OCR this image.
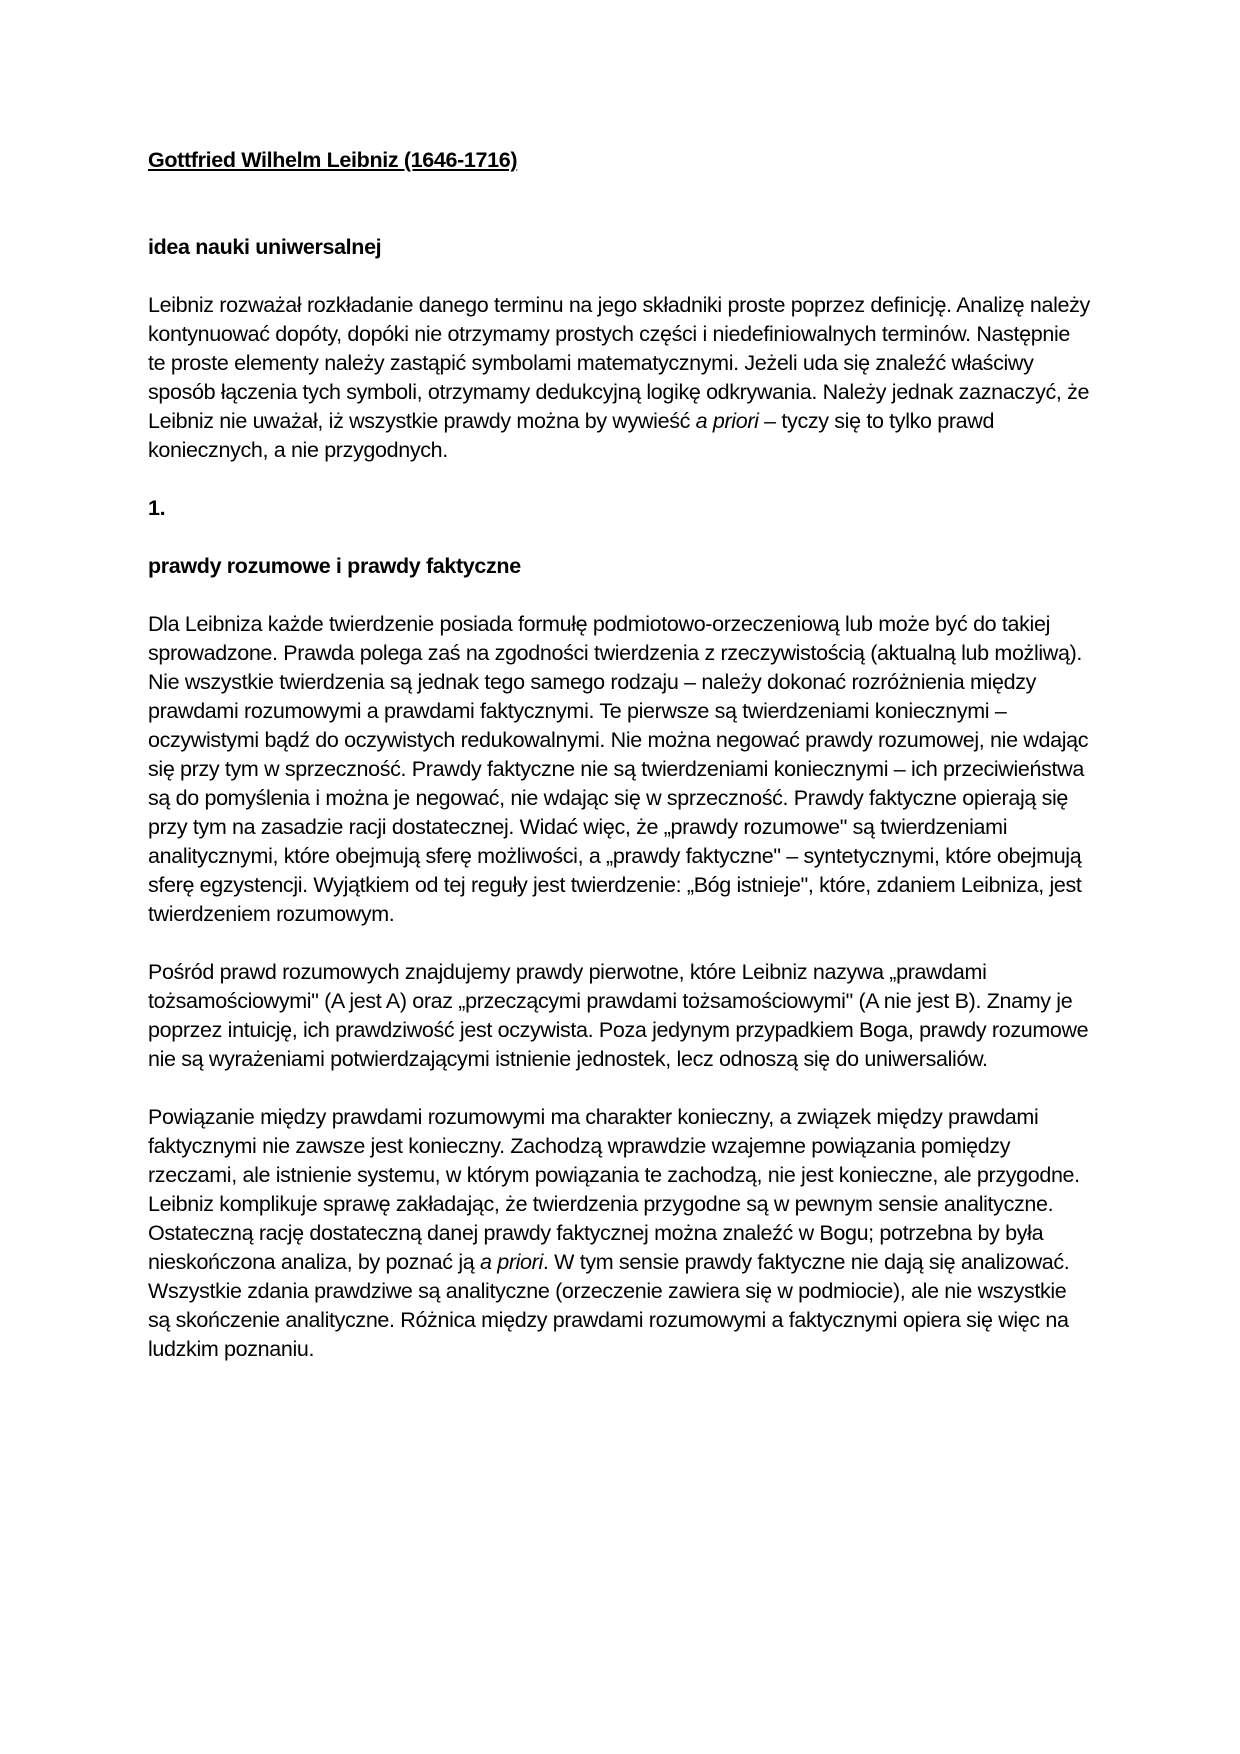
Gottfried Wilhelm Leibniz (1646-1716)

idea nauki uniwersalnej

Leibniz rozważał rozkładanie danego terminu na jego składniki proste poprzez definicję. Analizę należy kontynuować dopóty, dopóki nie otrzymamy prostych części i niedefiniowalnych terminów. Następnie te proste elementy należy zastąpić symbolami matematycznymi. Jeżeli uda się znaleźć właściwy sposób łączenia tych symboli, otrzymamy dedukcyjną logikę odkrywania. Należy jednak zaznaczyć, że Leibniz nie uważał, iż wszystkie prawdy można by wywieść a priori – tyczy się to tylko prawd koniecznych, a nie przygodnych.

1.

prawdy rozumowe i prawdy faktyczne

Dla Leibniza każde twierdzenie posiada formułę podmiotowo-orzeczeniową lub może być do takiej sprowadzone. Prawda polega zaś na zgodności twierdzenia z rzeczywistością (aktualną lub możliwą). Nie wszystkie twierdzenia są jednak tego samego rodzaju – należy dokonać rozróżnienia między prawdami rozumowymi a prawdami faktycznymi. Te pierwsze są twierdzeniami koniecznymi – oczywistymi bądź do oczywistych redukowalnymi. Nie można negować prawdy rozumowej, nie wdając się przy tym w sprzeczność. Prawdy faktyczne nie są twierdzeniami koniecznymi – ich przeciwieństwa są do pomyślenia i można je negować, nie wdając się w sprzeczność. Prawdy faktyczne opierają się przy tym na zasadzie racji dostatecznej. Widać więc, że „prawdy rozumowe" są twierdzeniami analitycznymi, które obejmują sferę możliwości, a „prawdy faktyczne" – syntetycznymi, które obejmują sferę egzystencji. Wyjątkiem od tej reguły jest twierdzenie: „Bóg istnieje", które, zdaniem Leibniza, jest twierdzeniem rozumowym.

Pośród prawd rozumowych znajdujemy prawdy pierwotne, które Leibniz nazywa „prawdami tożsamościowymi" (A jest A) oraz „przeczącymi prawdami tożsamościowymi" (A nie jest B). Znamy je poprzez intuicję, ich prawdziwość jest oczywista. Poza jedynym przypadkiem Boga, prawdy rozumowe nie są wyrażeniami potwierdzającymi istnienie jednostek, lecz odnoszą się do uniwersaliów.

Powiązanie między prawdami rozumowymi ma charakter konieczny, a związek między prawdami faktycznymi nie zawsze jest konieczny. Zachodzą wprawdzie wzajemne powiązania pomiędzy rzeczami, ale istnienie systemu, w którym powiązania te zachodzą, nie jest konieczne, ale przygodne. Leibniz komplikuje sprawę zakładając, że twierdzenia przygodne są w pewnym sensie analityczne. Ostateczną rację dostateczną danej prawdy faktycznej można znaleźć w Bogu; potrzebna by była nieskończona analiza, by poznać ją a priori. W tym sensie prawdy faktyczne nie dają się analizować. Wszystkie zdania prawdziwe są analityczne (orzeczenie zawiera się w podmiocie), ale nie wszystkie są skończenie analityczne. Różnica między prawdami rozumowymi a faktycznymi opiera się więc na ludzkim poznaniu.
